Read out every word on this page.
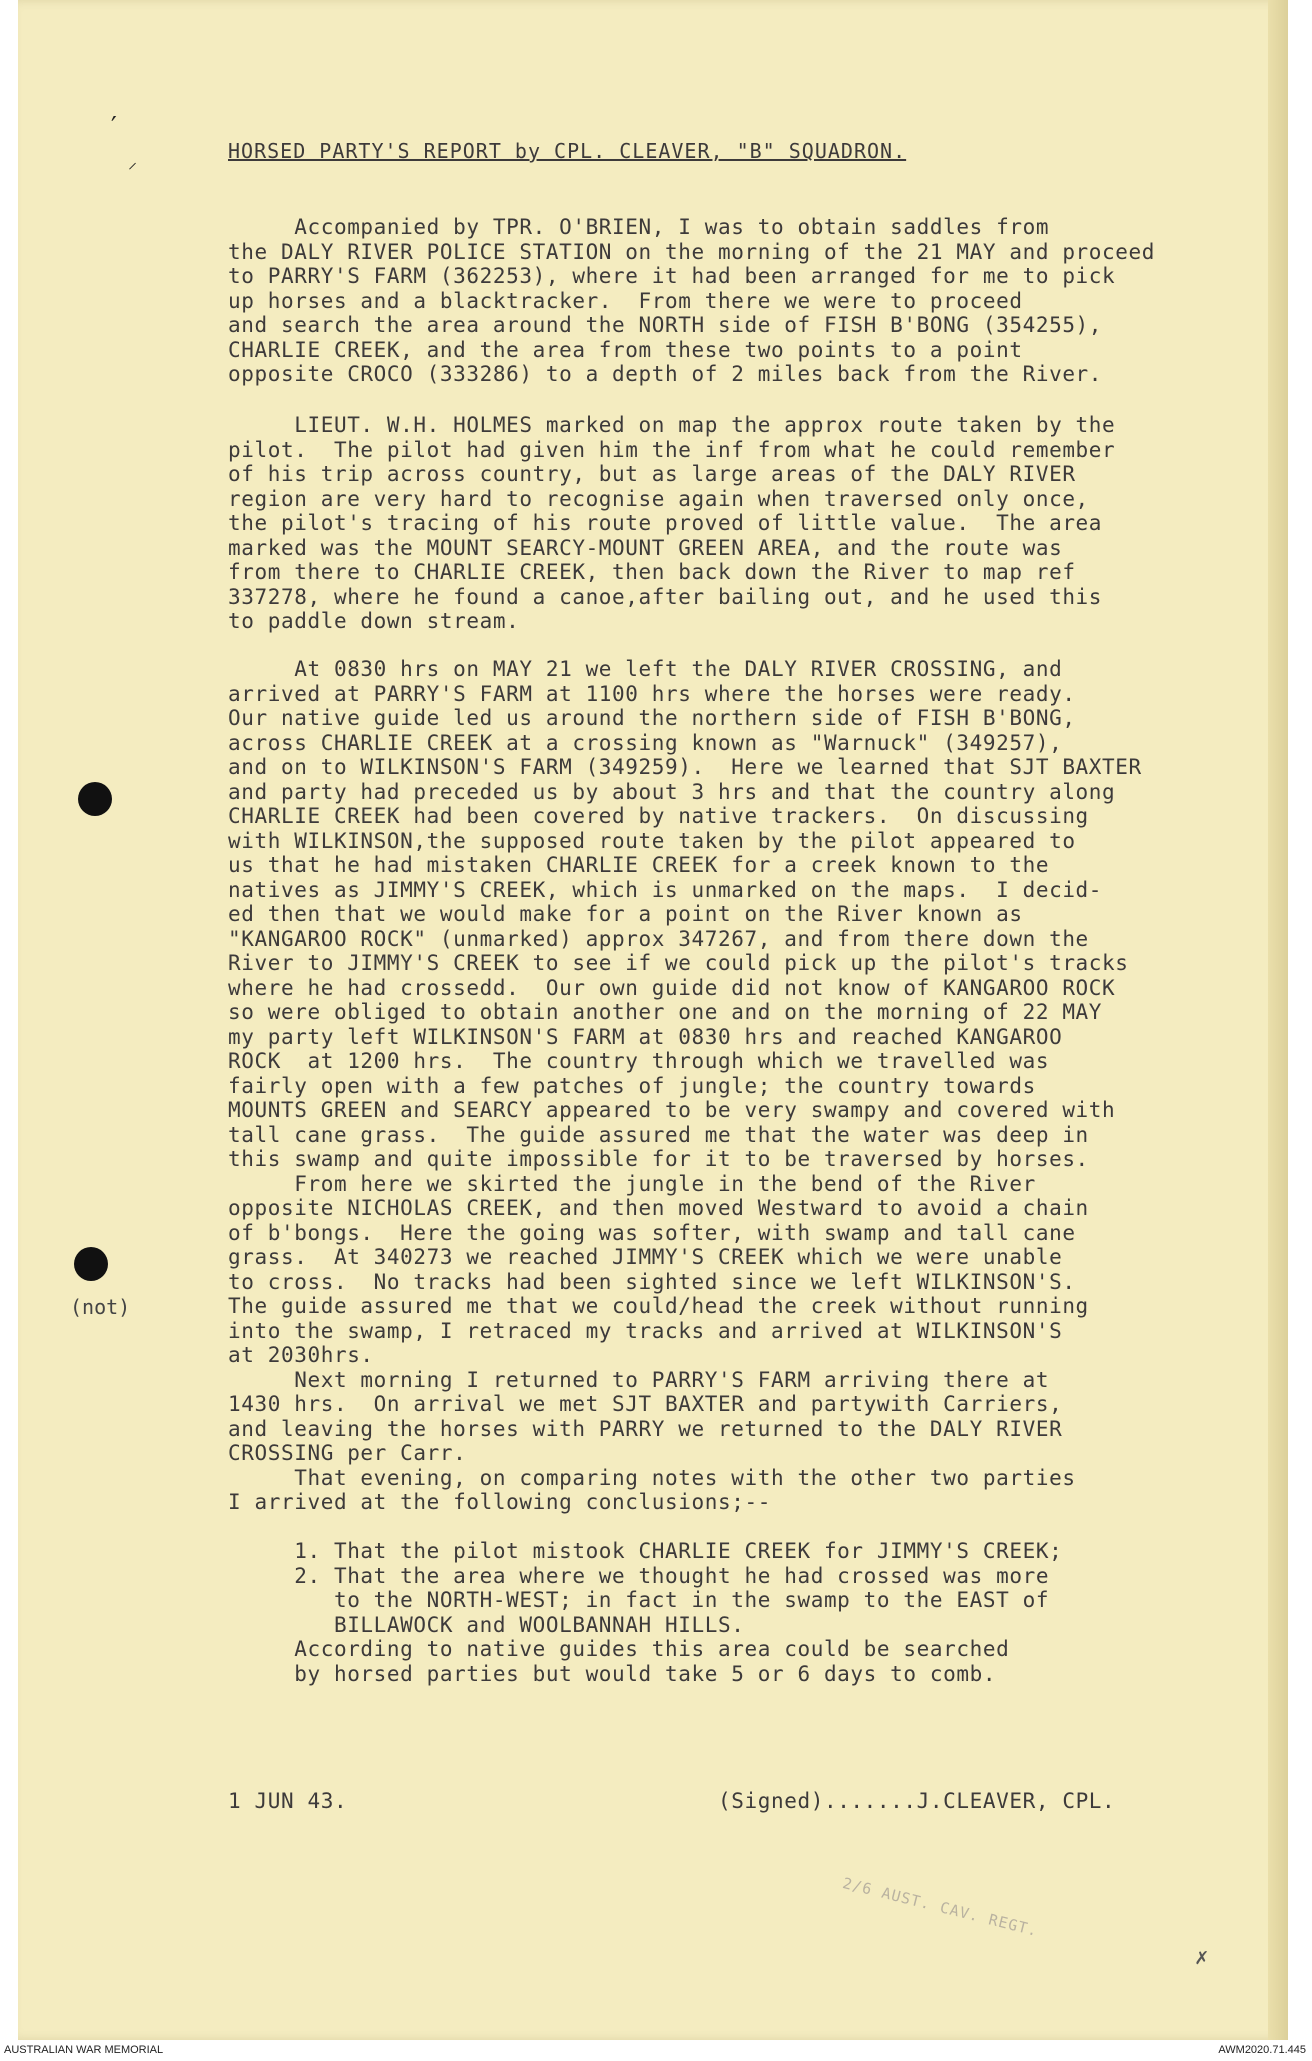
′
⸝	HORSED PARTY'S REPORT by CPL. CLEAVER, "B" SQUADRON.
Accompanied by TPR. O'BRIEN, I was to obtain saddles from
the DALY RIVER POLICE STATION on the morning of the 21 MAY and proceed
to PARRY'S FARM (362253), where it had been arranged for me to pick
up horses and a blacktracker.  From there we were to proceed
and search the area around the NORTH side of FISH B'BONG (354255),
CHARLIE CREEK, and the area from these two points to a point
opposite CROCO (333286) to a depth of 2 miles back from the River.
LIEUT. W.H. HOLMES marked on map the approx route taken by the
pilot.  The pilot had given him the inf from what he could remember
of his trip across country, but as large areas of the DALY RIVER
region are very hard to recognise again when traversed only once,
the pilot's tracing of his route proved of little value.  The area
marked was the MOUNT SEARCY-MOUNT GREEN AREA, and the route was
from there to CHARLIE CREEK, then back down the River to map ref
337278, where he found a canoe,after bailing out, and he used this
to paddle down stream.
At 0830 hrs on MAY 21 we left the DALY RIVER CROSSING, and
arrived at PARRY'S FARM at 1100 hrs where the horses were ready.
Our native guide led us around the northern side of FISH B'BONG,
across CHARLIE CREEK at a crossing known as "Warnuck" (349257),
and on to WILKINSON'S FARM (349259).  Here we learned that SJT BAXTER
and party had preceded us by about 3 hrs and that the country along
CHARLIE CREEK had been covered by native trackers.  On discussing
with WILKINSON,the supposed route taken by the pilot appeared to
us that he had mistaken CHARLIE CREEK for a creek known to the
natives as JIMMY'S CREEK, which is unmarked on the maps.  I decid-
ed then that we would make for a point on the River known as
"KANGAROO ROCK" (unmarked) approx 347267, and from there down the
River to JIMMY'S CREEK to see if we could pick up the pilot's tracks
where he had crossedd.  Our own guide did not know of KANGAROO ROCK
so were obliged to obtain another one and on the morning of 22 MAY
my party left WILKINSON'S FARM at 0830 hrs and reached KANGAROO
ROCK  at 1200 hrs.  The country through which we travelled was
fairly open with a few patches of jungle; the country towards
MOUNTS GREEN and SEARCY appeared to be very swampy and covered with
tall cane grass.  The guide assured me that the water was deep in
this swamp and quite impossible for it to be traversed by horses.
From here we skirted the jungle in the bend of the River
opposite NICHOLAS CREEK, and then moved Westward to avoid a chain
of b'bongs.  Here the going was softer, with swamp and tall cane
grass.  At 340273 we reached JIMMY'S CREEK which we were unable
to cross.  No tracks had been sighted since we left WILKINSON'S.
The guide assured me that we could/head the creek without running
into the swamp, I retraced my tracks and arrived at WILKINSON'S
at 2030hrs.
Next morning I returned to PARRY'S FARM arriving there at
1430 hrs.  On arrival we met SJT BAXTER and partywith Carriers,
and leaving the horses with PARRY we returned to the DALY RIVER
CROSSING per Carr.
That evening, on comparing notes with the other two parties
I arrived at the following conclusions;--
1. That the pilot mistook CHARLIE CREEK for JIMMY'S CREEK;
2. That the area where we thought he had crossed was more
to the NORTH-WEST; in fact in the swamp to the EAST of
BILLAWOCK and WOOLBANNAH HILLS.
According to native guides this area could be searched
by horsed parties but would take 5 or 6 days to comb.
(not)
1 JUN 43.	(Signed).......J.CLEAVER, CPL.
2/6 AUST. CAV. REGT.
✗
AUSTRALIAN WAR MEMORIAL	AWM2020.71.445
